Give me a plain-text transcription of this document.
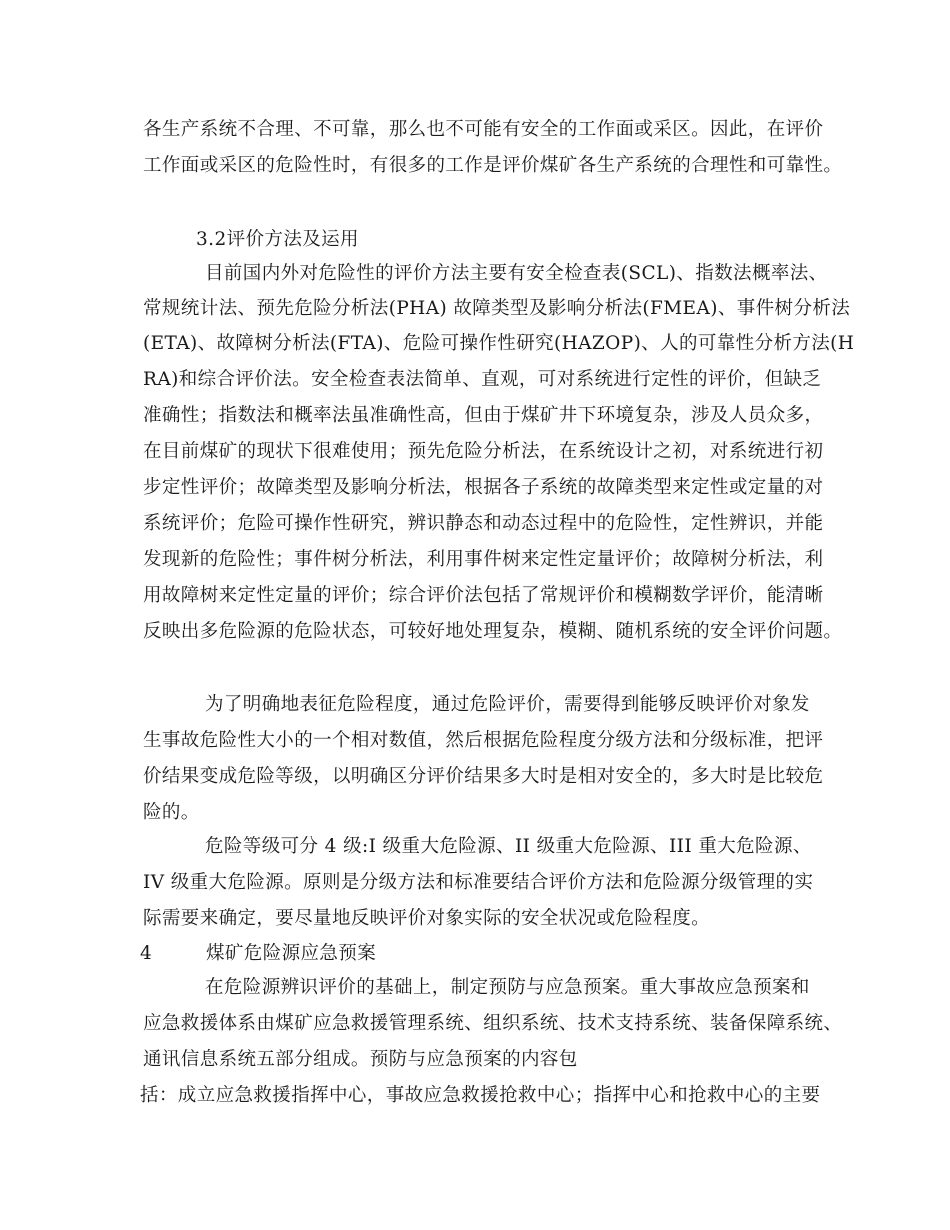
各生产系统不合理、不可靠，那么也不可能有安全的工作面或采区。因此，在评价
工作面或采区的危险性时，有很多的工作是评价煤矿各生产系统的合理性和可靠性。
3.2评价方法及运用
目前国内外对危险性的评价方法主要有安全检查表(SCL)、指数法概率法、
常规统计法、预先危险分析法(PHA) 故障类型及影响分析法(FMEA)、事件树分析法
(ETA)、故障树分析法(FTA)、危险可操作性研究(HAZOP)、人的可靠性分析方法(H
RA)和综合评价法。安全检查表法简单、直观，可对系统进行定性的评价，但缺乏
准确性；指数法和概率法虽准确性高，但由于煤矿井下环境复杂，涉及人员众多，
在目前煤矿的现状下很难使用；预先危险分析法，在系统设计之初，对系统进行初
步定性评价；故障类型及影响分析法，根据各子系统的故障类型来定性或定量的对
系统评价；危险可操作性研究，辨识静态和动态过程中的危险性，定性辨识，并能
发现新的危险性；事件树分析法，利用事件树来定性定量评价；故障树分析法，利
用故障树来定性定量的评价；综合评价法包括了常规评价和模糊数学评价，能清晰
反映出多危险源的危险状态，可较好地处理复杂，模糊、随机系统的安全评价问题。
为了明确地表征危险程度，通过危险评价，需要得到能够反映评价对象发
生事故危险性大小的一个相对数值，然后根据危险程度分级方法和分级标准，把评
价结果变成危险等级，以明确区分评价结果多大时是相对安全的，多大时是比较危
险的。
危险等级可分 4 级:I 级重大危险源、II 级重大危险源、III 重大危险源、
IV 级重大危险源。原则是分级方法和标准要结合评价方法和危险源分级管理的实
际需要来确定，要尽量地反映评价对象实际的安全状况或危险程度。
4	煤矿危险源应急预案
在危险源辨识评价的基础上，制定预防与应急预案。重大事故应急预案和
应急救援体系由煤矿应急救援管理系统、组织系统、技术支持系统、装备保障系统、
通讯信息系统五部分组成。预防与应急预案的内容包
括：成立应急救援指挥中心，事故应急救援抢救中心；指挥中心和抢救中心的主要
